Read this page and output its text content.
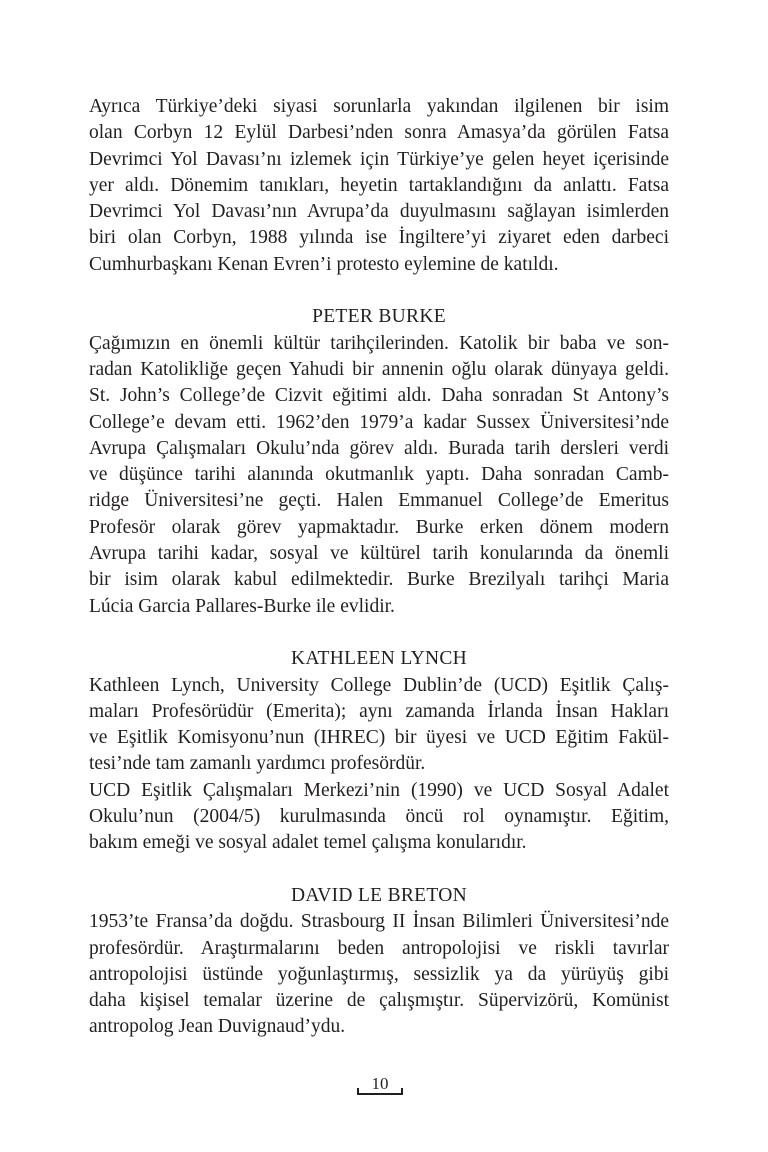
Ayrıca Türkiye’deki siyasi sorunlarla yakından ilgilenen bir isim
olan Corbyn 12 Eylül Darbesi’nden sonra Amasya’da görülen Fatsa
Devrimci Yol Davası’nı izlemek için Türkiye’ye gelen heyet içerisinde
yer aldı. Dönemim tanıkları, heyetin tartaklandığını da anlattı. Fatsa
Devrimci Yol Davası’nın Avrupa’da duyulmasını sağlayan isimlerden
biri olan Corbyn, 1988 yılında ise İngiltere’yi ziyaret eden darbeci
Cumhurbaşkanı Kenan Evren’i protesto eylemine de katıldı.
PETER BURKE
Çağımızın en önemli kültür tarihçilerinden. Katolik bir baba ve son-
radan Katolikliğe geçen Yahudi bir annenin oğlu olarak dünyaya geldi.
St. John’s College’de Cizvit eğitimi aldı. Daha sonradan St Antony’s
College’e devam etti. 1962’den 1979’a kadar Sussex Üniversitesi’nde
Avrupa Çalışmaları Okulu’nda görev aldı. Burada tarih dersleri verdi
ve düşünce tarihi alanında okutmanlık yaptı. Daha sonradan Camb-
ridge Üniversitesi’ne geçti. Halen Emmanuel College’de Emeritus
Profesör olarak görev yapmaktadır. Burke erken dönem modern
Avrupa tarihi kadar, sosyal ve kültürel tarih konularında da önemli
bir isim olarak kabul edilmektedir. Burke Brezilyalı tarihçi Maria
Lúcia Garcia Pallares-Burke ile evlidir.
KATHLEEN LYNCH
Kathleen Lynch, University College Dublin’de (UCD) Eşitlik Çalış-
maları Profesörüdür (Emerita); aynı zamanda İrlanda İnsan Hakları
ve Eşitlik Komisyonu’nun (IHREC) bir üyesi ve UCD Eğitim Fakül-
tesi’nde tam zamanlı yardımcı profesördür.
UCD Eşitlik Çalışmaları Merkezi’nin (1990) ve UCD Sosyal Adalet
Okulu’nun (2004/5) kurulmasında öncü rol oynamıştır. Eğitim,
bakım emeği ve sosyal adalet temel çalışma konularıdır.
DAVID LE BRETON
1953’te Fransa’da doğdu. Strasbourg II İnsan Bilimleri Üniversitesi’nde
profesördür. Araştırmalarını beden antropolojisi ve riskli tavırlar
antropolojisi üstünde yoğunlaştırmış, sessizlik ya da yürüyüş gibi
daha kişisel temalar üzerine de çalışmıştır. Süpervizörü, Komünist
antropolog Jean Duvignaud’ydu.
10
